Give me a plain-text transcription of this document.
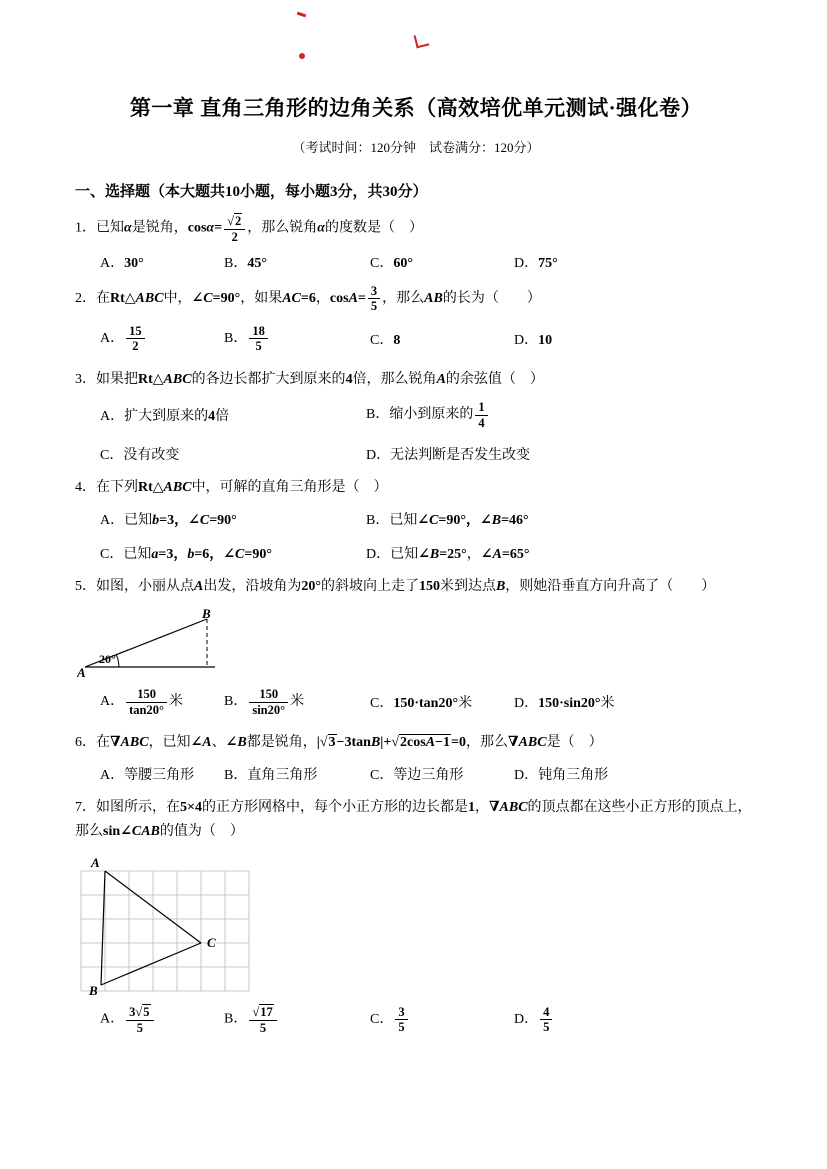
第一章 直角三角形的边角关系（高效培优单元测试·强化卷）
（考试时间：120分钟　试卷满分：120分）
一、选择题（本大题共10小题，每小题3分，共30分）
1．已知α是锐角，$\cos\alpha= \frac{√2}{2}$ ，那么锐角α的度数是（　）
A．30°	B．45°	C．60°	D．75°
2．在Rt△ABC中，∠C=90°，如果AC=6，$\cos A= \frac{3}{5}$ ，那么AB的长为（　　）
A． $\frac{15}{2}$	B． $\frac{18}{5}$	C．8	D．10
3．如果把Rt△ABC的各边长都扩大到原来的4倍，那么锐角A的余弦值（　）
A．扩大到原来的4倍	B．缩小到原来的 $\frac{1}{4}$
C．没有改变	D．无法判断是否发生改变
4．在下列Rt△ABC中，可解的直角三角形是（　）
A．已知b=3，∠C=90°	B．已知∠C=90°，∠B=46°
C．已知a=3，b=6，∠C=90°	D．已知∠B=25°，∠A=65°
5．如图，小丽从点A出发，沿坡角为20°的斜坡向上走了150米到达点B，则她沿垂直方向升高了（　　）
20°
A
B
A． $\frac{150}{\tan 20^\circ}$ 米	B． $\frac{150}{\sin 20^\circ}$ 米	C．150·tan20°米	D．150·sin20°米
6．在∇ABC，已知∠A、∠B都是锐角，|√3−3tanB|+√2cosA−1=0，那么∇ABC是（　）
A．等腰三角形	B．直角三角形	C．等边三角形	D．钝角三角形
7．如图所示，在5×4的正方形网格中，每个小正方形的边长都是1，∇ABC的顶点都在这些小正方形的顶点上，那么sin∠CAB的值为（　）
A
B
C
A． $\frac{3√5}{5}$	B． $\frac{√17}{5}$	C． $\frac{3}{5}$	D． $\frac{4}{5}$
